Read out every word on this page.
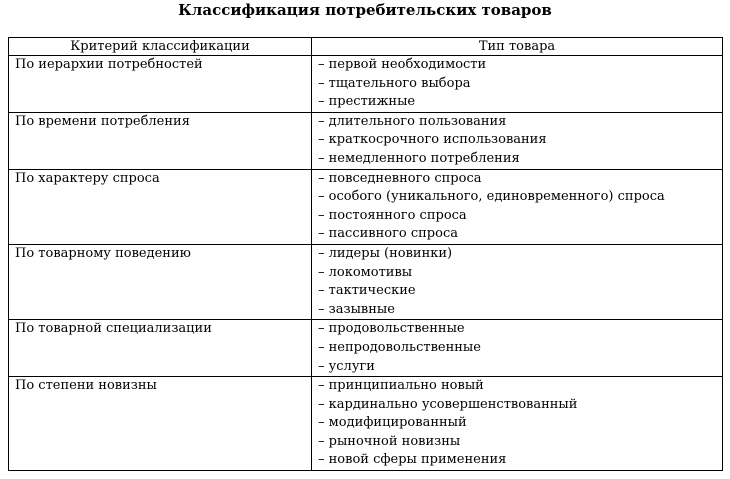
Классификация потребительских товаров
Критерий классификации	Тип товара
По иерархии потребностей	– первой необходимости
– тщательного выбора
– престижные

По времени потребления	– длительного пользования
– краткосрочного использования
– немедленного потребления

По характеру спроса	– повседневного спроса
– особого (уникального, единовременного) спроса
– постоянного спроса
– пассивного спроса

По товарному поведению	– лидеры (новинки)
– локомотивы
– тактические
– зазывные

По товарной специализации	– продовольственные
– непродовольственные
– услуги

По степени новизны	– принципиально новый
– кардинально усовершенствованный
– модифицированный
– рыночной новизны
– новой сферы применения
